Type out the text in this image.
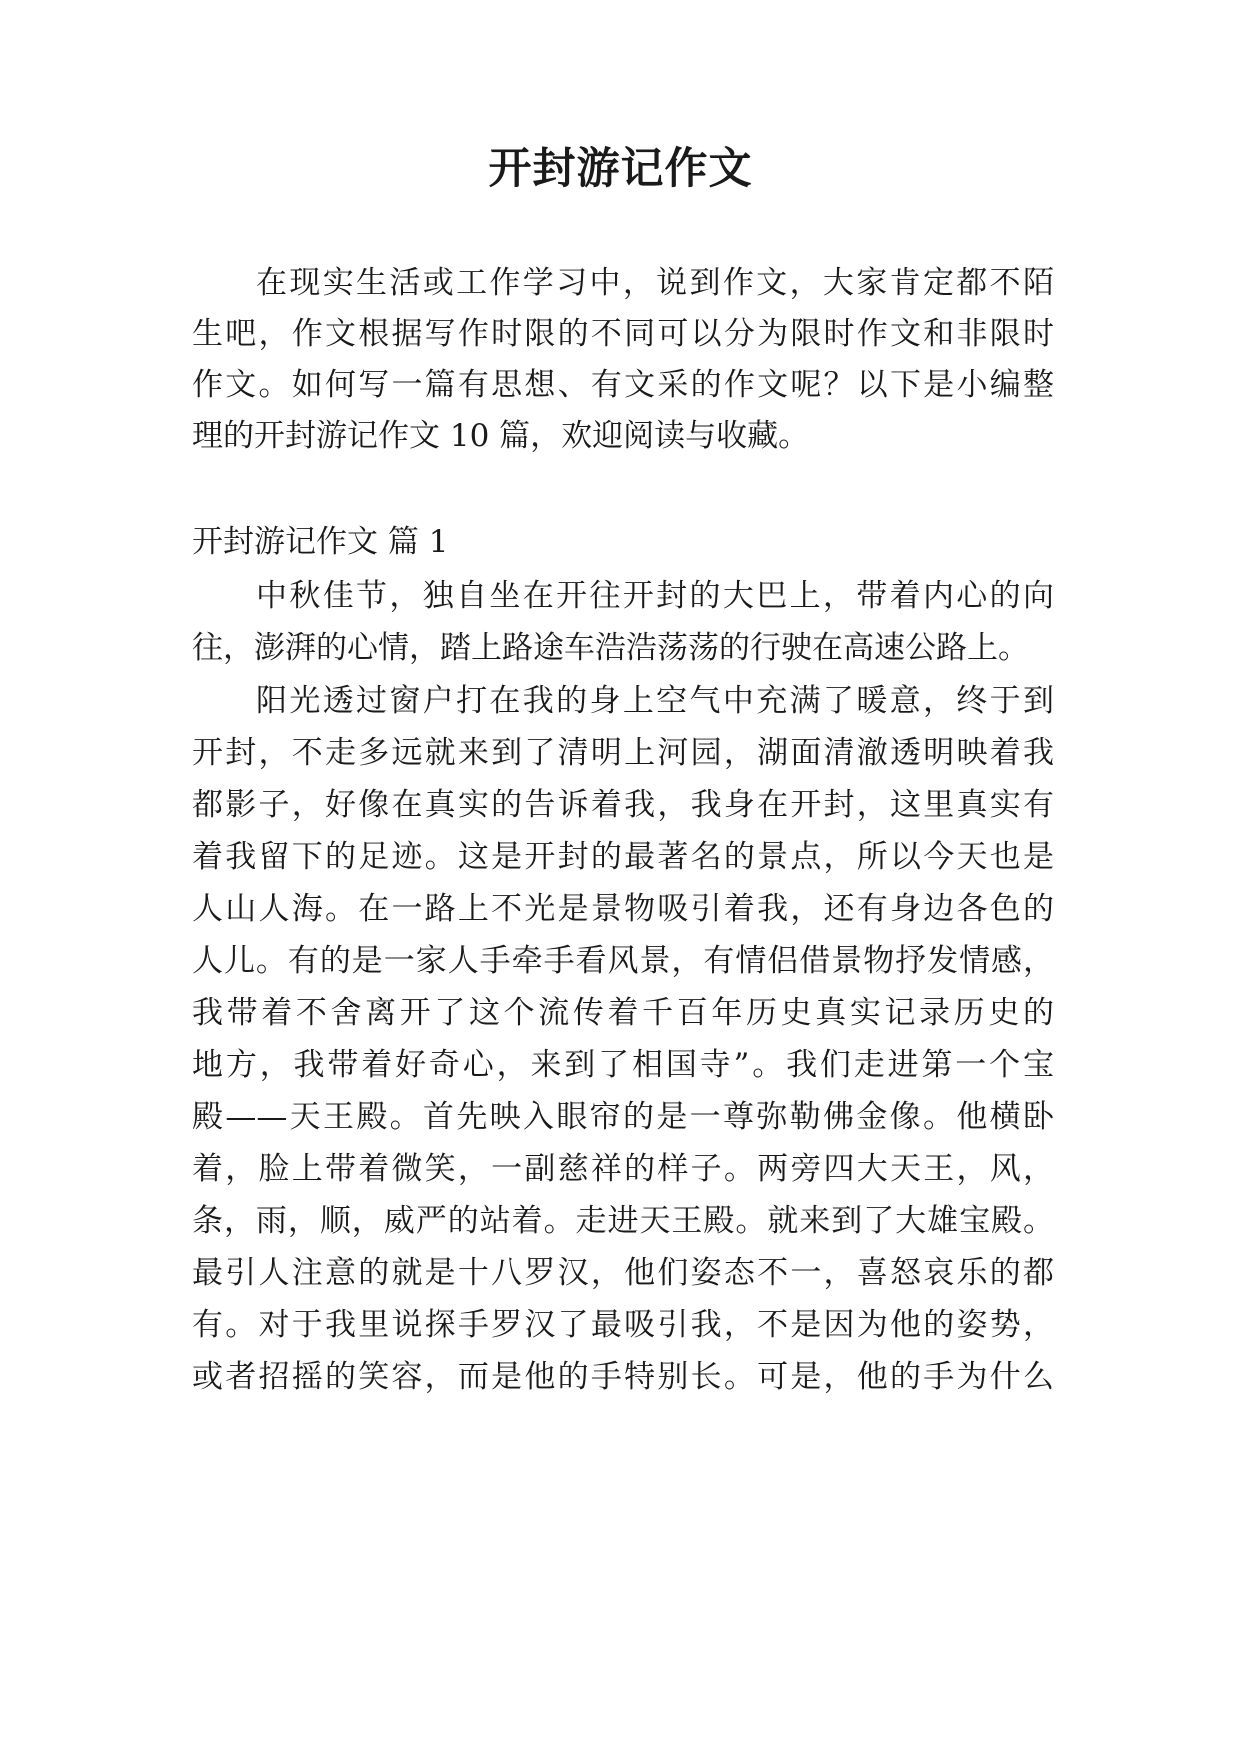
开封游记作文
在现实生活或工作学习中，说到作文，大家肯定都不陌
生吧，作文根据写作时限的不同可以分为限时作文和非限时
作文。如何写一篇有思想、有文采的作文呢？以下是小编整
理的开封游记作文 10 篇，欢迎阅读与收藏。
开封游记作文 篇 1
中秋佳节，独自坐在开往开封的大巴上，带着内心的向
往，澎湃的心情，踏上路途车浩浩荡荡的行驶在高速公路上。
阳光透过窗户打在我的身上空气中充满了暖意，终于到
开封，不走多远就来到了清明上河园，湖面清澈透明映着我
都影子，好像在真实的告诉着我，我身在开封，这里真实有
着我留下的足迹。这是开封的最著名的景点，所以今天也是
人山人海。在一路上不光是景物吸引着我，还有身边各色的
人儿。有的是一家人手牵手看风景，有情侣借景物抒发情感，
我带着不舍离开了这个流传着千百年历史真实记录历史的
地方，我带着好奇心，来到了相国寺”。我们走进第一个宝
殿——天王殿。首先映入眼帘的是一尊弥勒佛金像。他横卧
着，脸上带着微笑，一副慈祥的样子。两旁四大天王，风，
条，雨，顺，威严的站着。走进天王殿。就来到了大雄宝殿。
最引人注意的就是十八罗汉，他们姿态不一，喜怒哀乐的都
有。对于我里说探手罗汉了最吸引我，不是因为他的姿势，
或者招摇的笑容，而是他的手特别长。可是，他的手为什么
